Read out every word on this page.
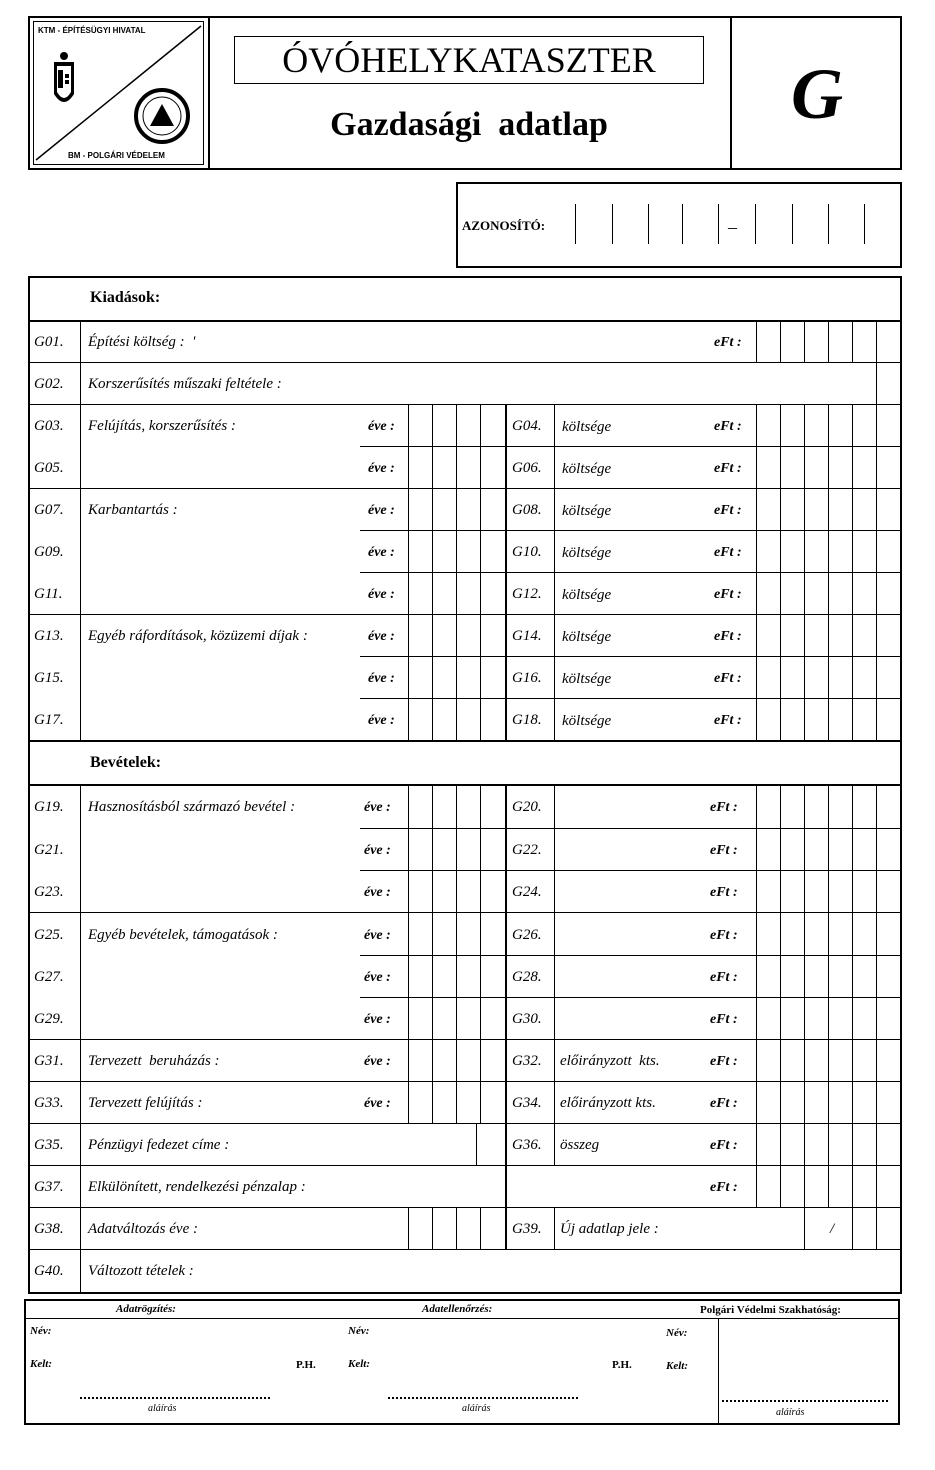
KTM - ÉPÍTÉSÜGYI HIVATAL
BM - POLGÁRI VÉDELEM
ÓVÓHELYKATASZTER
Gazdasági  adatlap	G
AZONOSÍTÓ:	–
Kiadások:
Bevételek:
G01. Építési költség :  '	eFt :
G02. Korszerűsítés műszaki feltétele :
G03. Felújítás, korszerűsítés :	éve :	G04. költsége	eFt :
G05.	éve :	G06. költsége	eFt :
G07. Karbantartás :	éve :	G08. költsége	eFt :
G09.	éve :	G10. költsége	eFt :
G11.	éve :	G12. költsége	eFt :
G13. Egyéb ráfordítások, közüzemi díjak :	éve :	G14. költsége	eFt :
G15.	éve :	G16. költsége	eFt :
G17.	éve :	G18. költsége	eFt :
G19. Hasznosításból származó bevétel :	éve :	G20.	eFt :
G21.	éve :	G22.	eFt :
G23.	éve :	G24.	eFt :
G25. Egyéb bevételek, támogatások :	éve :	G26.	eFt :
G27.	éve :	G28.	eFt :
G29.	éve :	G30.	eFt :
G31. Tervezett  beruházás :	éve :	G32. előirányzott  kts.	eFt :
G33. Tervezett felújítás :	éve :	G34. előirányzott kts.	eFt :
G35. Pénzügyi fedezet címe :	G36. összeg	eFt :
G37. Elkülönített, rendelkezési pénzalap :	eFt :
G38. Adatváltozás éve :	G39. Új adatlap jele :	/
G40. Változott tételek :
Adatrögzítés:
Név:
Kelt:	P.H.
aláírás
Adatellenőrzés:
Név:
Kelt:	P.H.
aláírás
Polgári Védelmi Szakhatóság:
Név:
Kelt:
aláírás
